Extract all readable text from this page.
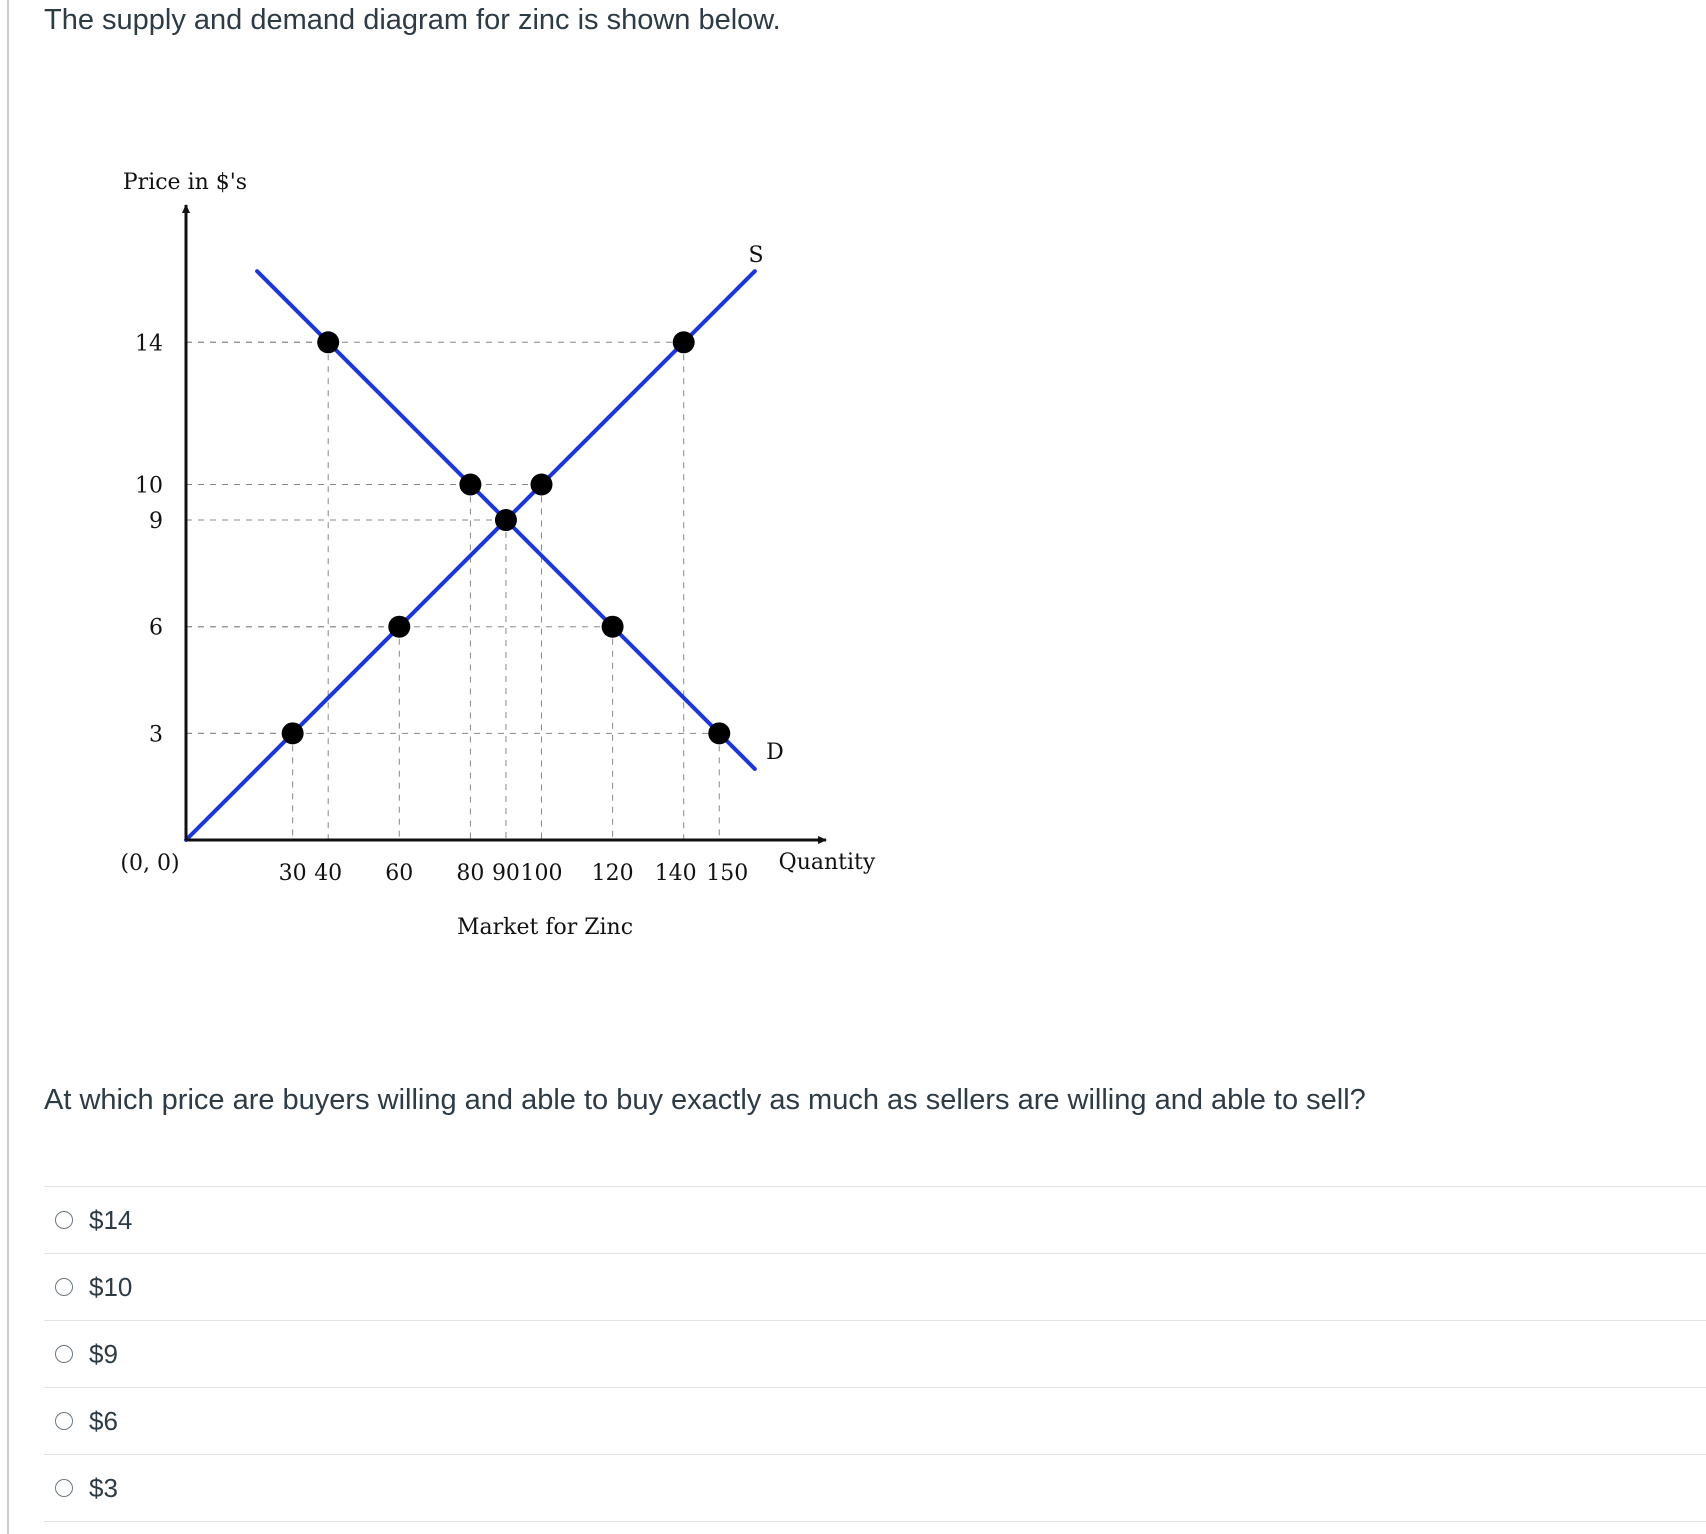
The supply and demand diagram for zinc is shown below.
Price in $'s
Quantity
(0, 0)
Market for Zinc
S
D
3
6
9
10
14
30 40 60 80 90 100 120 140 150
At which price are buyers willing and able to buy exactly as much as sellers are willing and able to sell?
$14
$10
$9
$6
$3
